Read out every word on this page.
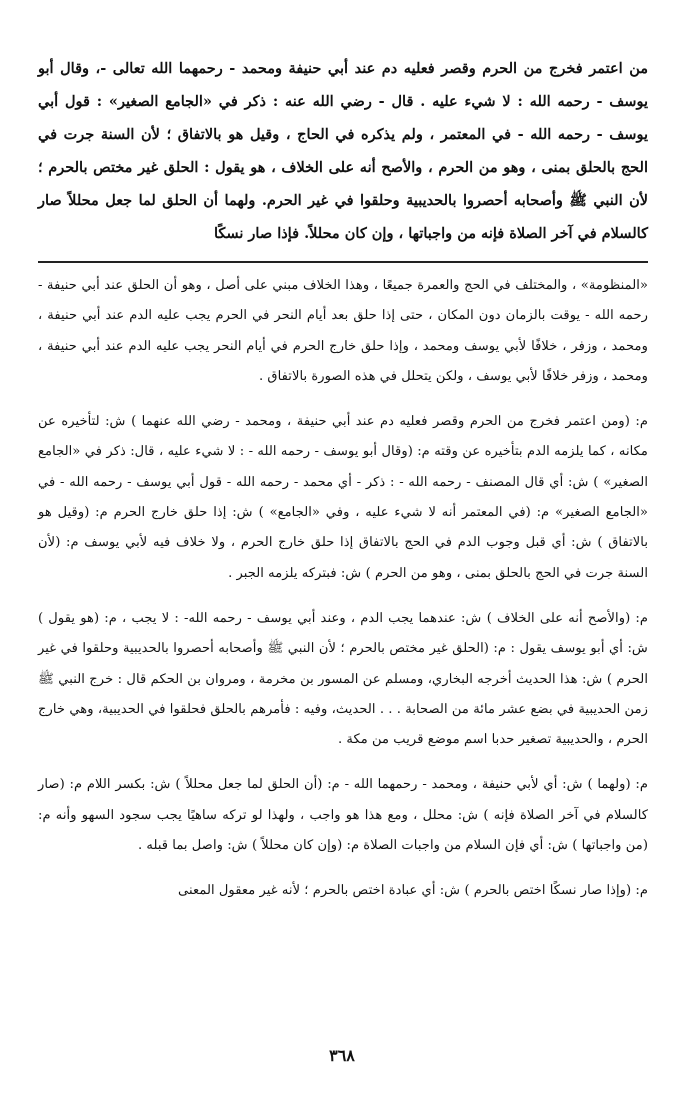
من اعتمر فخرج من الحرم وقصر فعليه دم عند أبي حنيفة ومحمد - رحمهما الله تعالى -، وقال أبو يوسف - رحمه الله : لا شيء عليه . قال - رضي الله عنه : ذكر في «الجامع الصغير» : قول أبي يوسف - رحمه الله - في المعتمر ، ولم يذكره في الحاج ، وقيل هو بالاتفاق ؛ لأن السنة جرت في الحج بالحلق بمنى ، وهو من الحرم ، والأصح أنه على الخلاف ، هو يقول : الحلق غير مختص بالحرم ؛ لأن النبي ﷺ وأصحابه أحصروا بالحديبية وحلقوا في غير الحرم. ولهما أن الحلق لما جعل محللاً صار كالسلام في آخر الصلاة فإنه من واجباتها ، وإن كان محللاً. فإذا صار نسكًا

«المنظومة» ، والمختلف في الحج والعمرة جميعًا ، وهذا الخلاف مبني على أصل ، وهو أن الحلق عند أبي حنيفة - رحمه الله - يوقت بالزمان دون المكان ، حتى إذا حلق بعد أيام النحر في الحرم يجب عليه الدم عند أبي حنيفة ، ومحمد ، وزفر ، خلافًا لأبي يوسف ومحمد ، وإذا حلق خارج الحرم في أيام النحر يجب عليه الدم عند أبي حنيفة ، ومحمد ، وزفر خلافًا لأبي يوسف ، ولكن يتحلل في هذه الصورة بالاتفاق .

م: (ومن اعتمر فخرج من الحرم وقصر فعليه دم عند أبي حنيفة ، ومحمد - رضي الله عنهما ) ش: لتأخيره عن مكانه ، كما يلزمه الدم بتأخيره عن وقته م: (وقال أبو يوسف - رحمه الله - : لا شيء عليه ، قال: ذكر في «الجامع الصغير» ) ش: أي قال المصنف - رحمه الله - : ذكر - أي محمد - رحمه الله - قول أبي يوسف - رحمه الله - في «الجامع الصغير» م: (في المعتمر أنه لا شيء عليه ، وفي «الجامع» ) ش: إذا حلق خارج الحرم م: (وقيل هو بالاتفاق ) ش: أي قبل وجوب الدم في الحج بالاتفاق إذا حلق خارج الحرم ، ولا خلاف فيه لأبي يوسف م: (لأن السنة جرت في الحج بالحلق بمنى ، وهو من الحرم ) ش: فبتركه يلزمه الجبر .

م: (والأصح أنه على الخلاف ) ش: عندهما يجب الدم ، وعند أبي يوسف - رحمه الله- : لا يجب ، م: (هو يقول ) ش: أي أبو يوسف يقول : م: (الحلق غير مختص بالحرم ؛ لأن النبي ﷺ وأصحابه أحصروا بالحديبية وحلقوا في غير الحرم ) ش: هذا الحديث أخرجه البخاري، ومسلم عن المسور بن مخرمة ، ومروان بن الحكم قال : خرج النبي ﷺ زمن الحديبية في بضع عشر مائة من الصحابة . . . الحديث، وفيه : فأمرهم بالحلق فحلقوا في الحديبية، وهي خارج الحرم ، والحديبية تصغير حدبا اسم موضع قريب من مكة .

م: (ولهما ) ش: أي لأبي حنيفة ، ومحمد - رحمهما الله - م: (أن الحلق لما جعل محللاً ) ش: بكسر اللام م: (صار كالسلام في آخر الصلاة فإنه ) ش: محلل ، ومع هذا هو واجب ، ولهذا لو تركه ساهيًا يجب سجود السهو وأنه م: (من واجباتها ) ش: أي فإن السلام من واجبات الصلاة م: (وإن كان محللاً ) ش: واصل بما قبله .

م: (وإذا صار نسكًا اختص بالحرم ) ش: أي عبادة اختص بالحرم ؛ لأنه غير معقول المعنى

٣٦٨
